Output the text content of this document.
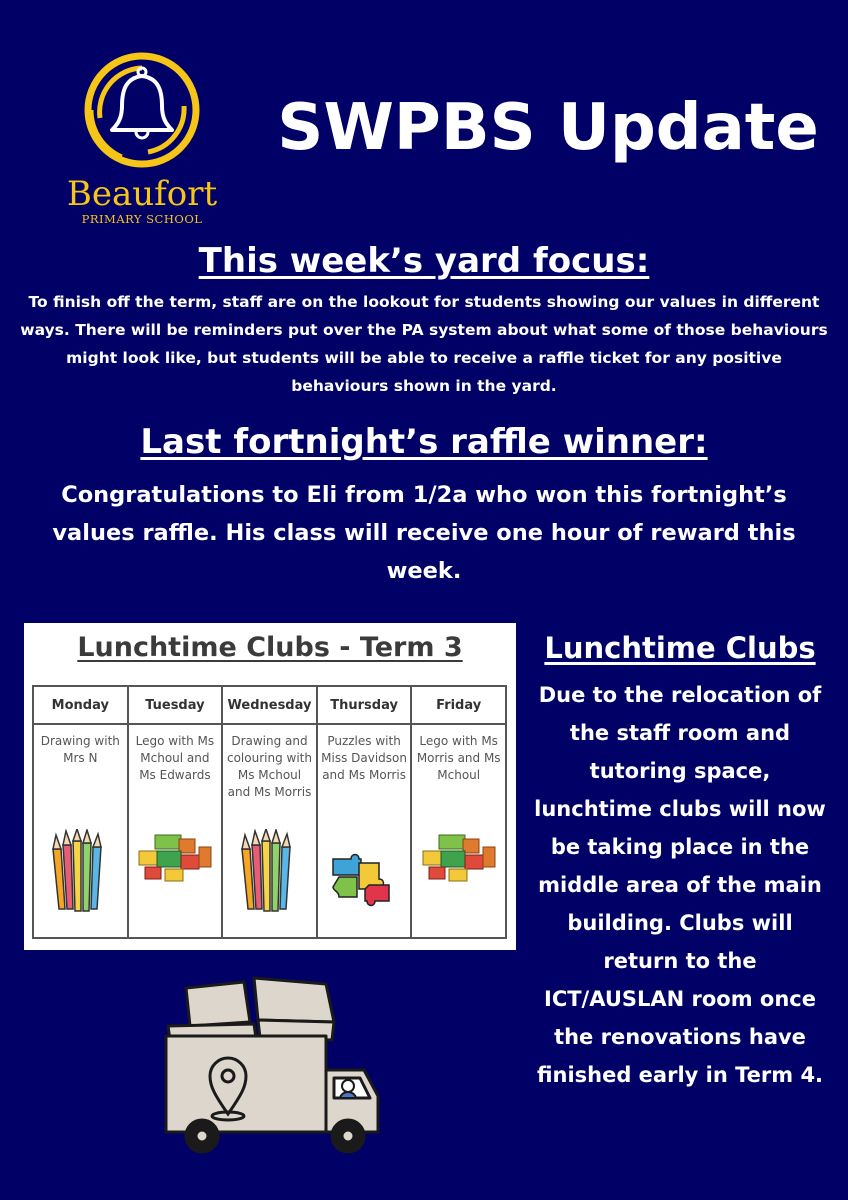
Beaufort
PRIMARY SCHOOL
SWPBS Update
This week’s yard focus:
To finish off the term, staff are on the lookout for students showing our values in different ways. There will be reminders put over the PA system about what some of those behaviours might look like, but students will be able to receive a raffle ticket for any positive behaviours shown in the yard.
Last fortnight’s raffle winner:
Congratulations to Eli from 1/2a who won this fortnight’s values raffle. His class will receive one hour of reward this week.
Lunchtime Clubs - Term 3
Monday	Tuesday	Wednesday	Thursday	Friday

Drawing with Mrs N	Lego with Ms Mchoul and Ms Edwards	Drawing and colouring with Ms Mchoul and Ms Morris	Puzzles with Miss Davidson and Ms Morris	Lego with Ms Morris and Ms Mchoul
Lunchtime Clubs
Due to the relocation of the staff room and tutoring space, lunchtime clubs will now be taking place in the middle area of the main building. Clubs will return to the ICT/AUSLAN room once the renovations have finished early in Term 4.
